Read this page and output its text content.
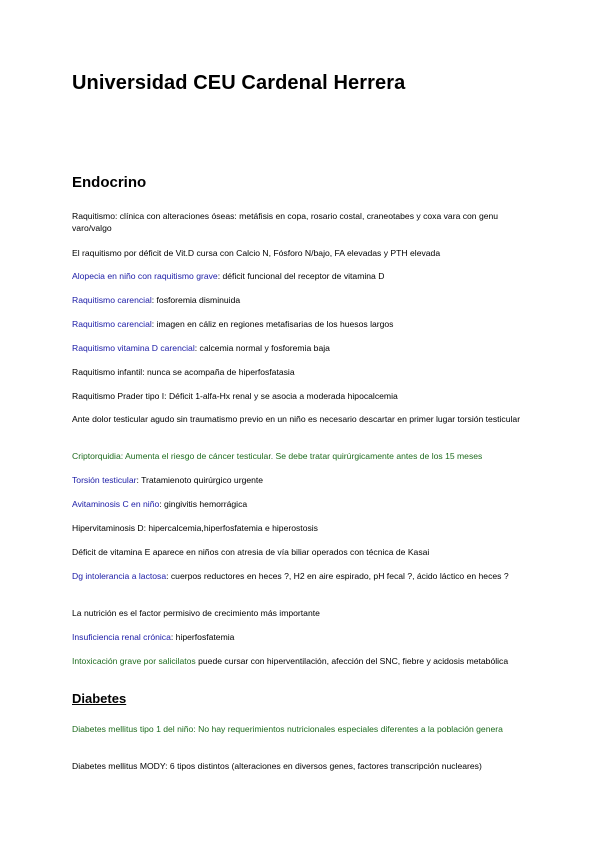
Universidad CEU Cardenal Herrera
Endocrino

Raquitismo: clínica con alteraciones óseas: metáfisis en copa, rosario costal, craneotabes y coxa vara con genu varo/valgo

El raquitismo por déficit de Vit.D cursa con Calcio N, Fósforo N/bajo, FA elevadas y PTH elevada

Alopecia en niño con raquitismo grave: déficit funcional del receptor de vitamina D

Raquitismo carencial: fosforemia disminuida

Raquitismo carencial: imagen en cáliz en regiones metafisarias de los huesos largos

Raquitismo vitamina D carencial: calcemia normal y fosforemia baja

Raquitismo infantil: nunca se acompaña de hiperfosfatasia

Raquitismo Prader tipo I: Déficit 1-alfa-Hx renal y se asocia a moderada hipocalcemia

Ante dolor testicular agudo sin traumatismo previo en un niño es necesario descartar en primer lugar torsión testicular

Criptorquidia: Aumenta el riesgo de cáncer testicular. Se debe tratar quirúrgicamente antes de los 15 meses

Torsión testicular: Tratamienoto quirúrgico urgente

Avitaminosis C en niño: gingivitis hemorrágica

Hipervitaminosis D: hipercalcemia,hiperfosfatemia e hiperostosis

Déficit de vitamina E aparece en niños con atresia de vía biliar operados con técnica de Kasai

Dg intolerancia a lactosa: cuerpos reductores en heces ?, H2 en aire espirado, pH fecal ?, ácido láctico en heces ?

La nutrición es el factor permisivo de crecimiento más importante

Insuficiencia renal crónica: hiperfosfatemia

Intoxicación grave por salicilatos puede cursar con hiperventilación, afección del SNC, fiebre y acidosis metabólica

Diabetes

Diabetes mellitus tipo 1 del niño: No hay requerimientos nutricionales especiales diferentes a la población genera

Diabetes mellitus MODY: 6 tipos distintos (alteraciones en diversos genes, factores transcripción nucleares)
